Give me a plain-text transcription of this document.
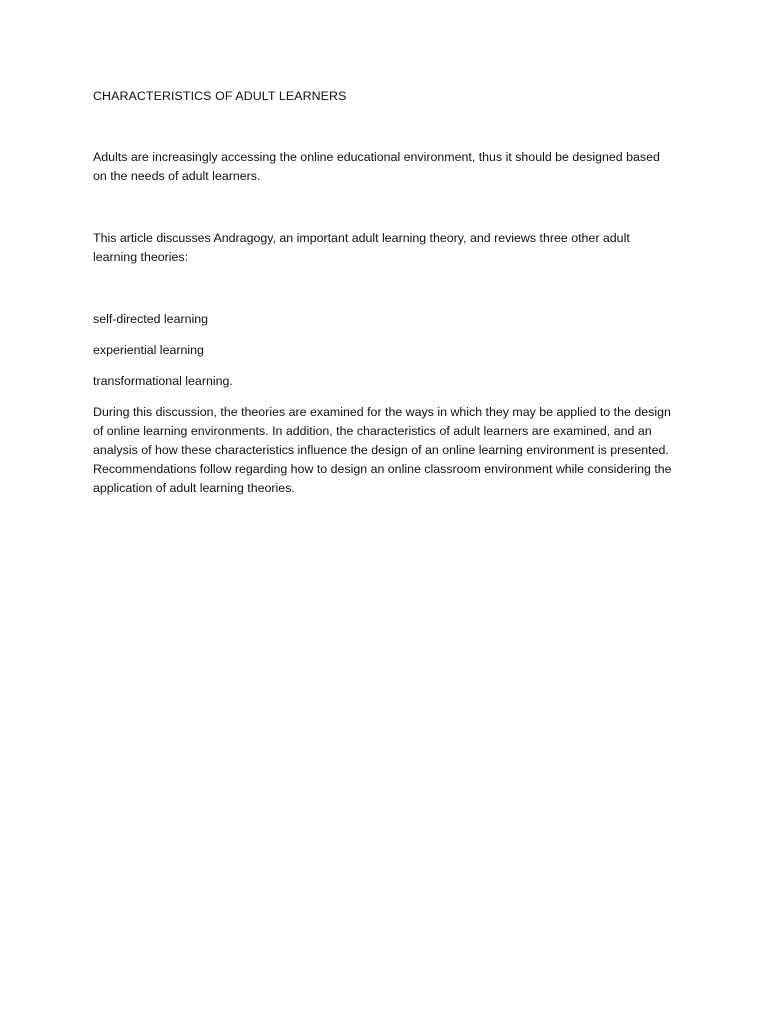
CHARACTERISTICS OF ADULT LEARNERS

Adults are increasingly accessing the online educational environment, thus it should be designed based on the needs of adult learners.

This article discusses Andragogy, an important adult learning theory, and reviews three other adult learning theories:

self-directed learning

experiential learning

transformational learning.

During this discussion, the theories are examined for the ways in which they may be applied to the design of online learning environments. In addition, the characteristics of adult learners are examined, and an analysis of how these characteristics influence the design of an online learning environment is presented. Recommendations follow regarding how to design an online classroom environment while considering the application of adult learning theories.
